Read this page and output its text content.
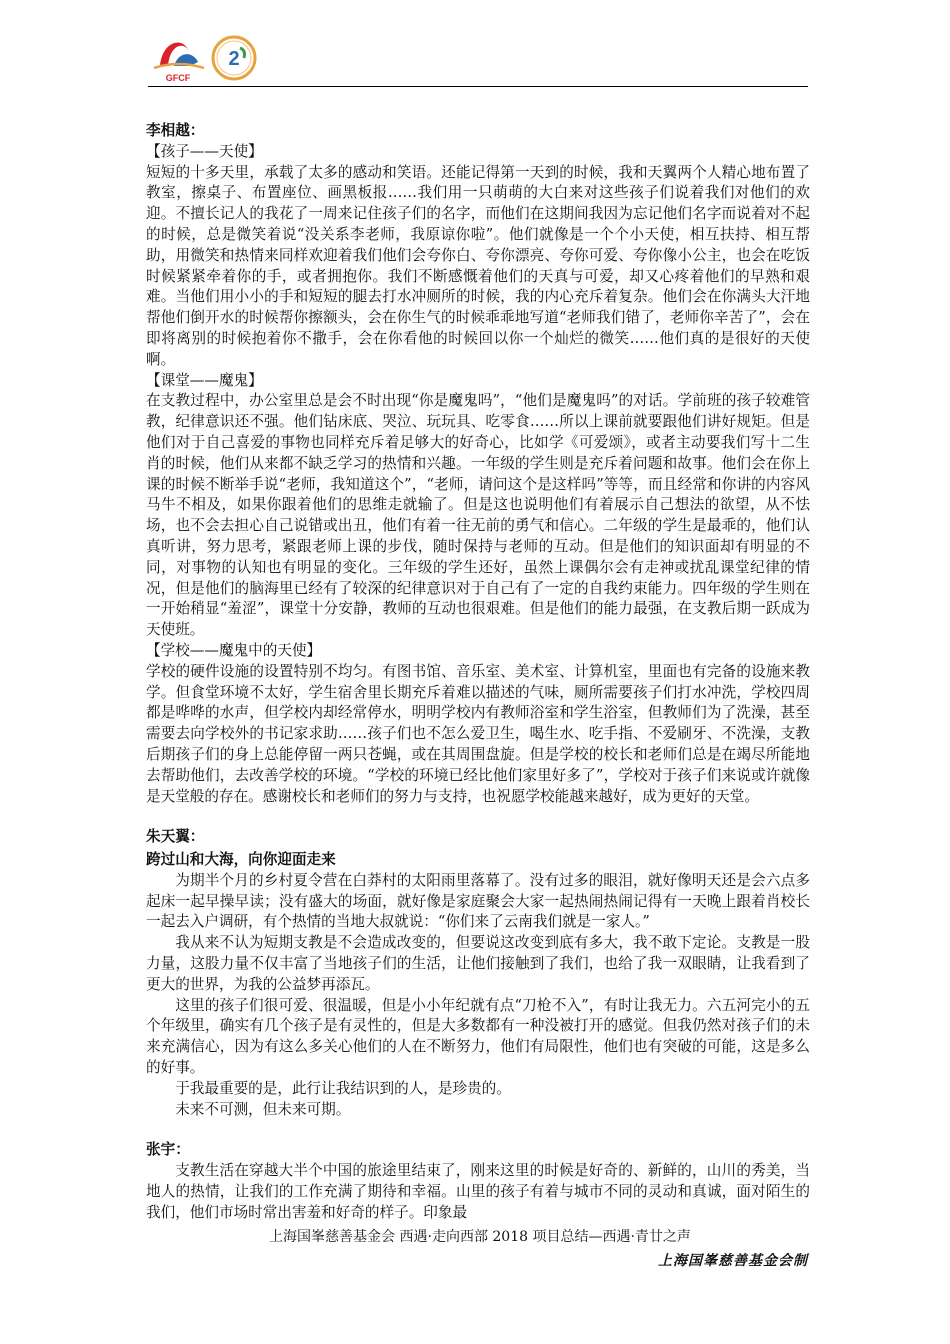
GFCF
2

李相越：

【孩子——天使】

短短的十多天里，承载了太多的感动和笑语。还能记得第一天到的时候，我和天翼两个人精心地布置了教室，擦桌子、布置座位、画黑板报……我们用一只萌萌的大白来对这些孩子们说着我们对他们的欢迎。不擅长记人的我花了一周来记住孩子们的名字，而他们在这期间我因为忘记他们名字而说着对不起的时候，总是微笑着说“没关系李老师，我原谅你啦”。他们就像是一个个小天使，相互扶持、相互帮助，用微笑和热情来同样欢迎着我们他们会夸你白、夸你漂亮、夸你可爱、夸你像小公主，也会在吃饭时候紧紧牵着你的手，或者拥抱你。我们不断感慨着他们的天真与可爱，却又心疼着他们的早熟和艰难。当他们用小小的手和短短的腿去打水冲厕所的时候，我的内心充斥着复杂。他们会在你满头大汗地帮他们倒开水的时候帮你擦额头，会在你生气的时候乖乖地写道“老师我们错了，老师你辛苦了”，会在即将离别的时候抱着你不撒手，会在你看他的时候回以你一个灿烂的微笑……他们真的是很好的天使啊。

【课堂——魔鬼】

在支教过程中，办公室里总是会不时出现“你是魔鬼吗”，“他们是魔鬼吗”的对话。学前班的孩子较难管教，纪律意识还不强。他们钻床底、哭泣、玩玩具、吃零食……所以上课前就要跟他们讲好规矩。但是他们对于自己喜爱的事物也同样充斥着足够大的好奇心，比如学《可爱颂》，或者主动要我们写十二生肖的时候，他们从来都不缺乏学习的热情和兴趣。一年级的学生则是充斥着问题和故事。他们会在你上课的时候不断举手说“老师，我知道这个”，“老师，请问这个是这样吗”等等，而且经常和你讲的内容风马牛不相及，如果你跟着他们的思维走就输了。但是这也说明他们有着展示自己想法的欲望，从不怯场，也不会去担心自己说错或出丑，他们有着一往无前的勇气和信心。二年级的学生是最乖的，他们认真听讲，努力思考，紧跟老师上课的步伐，随时保持与老师的互动。但是他们的知识面却有明显的不同，对事物的认知也有明显的变化。三年级的学生还好，虽然上课偶尔会有走神或扰乱课堂纪律的情况，但是他们的脑海里已经有了较深的纪律意识对于自己有了一定的自我约束能力。四年级的学生则在一开始稍显“羞涩”，课堂十分安静，教师的互动也很艰难。但是他们的能力最强，在支教后期一跃成为天使班。

【学校——魔鬼中的天使】

学校的硬件设施的设置特别不均匀。有图书馆、音乐室、美术室、计算机室，里面也有完备的设施来教学。但食堂环境不太好，学生宿舍里长期充斥着难以描述的气味，厕所需要孩子们打水冲洗，学校四周都是哗哗的水声，但学校内却经常停水，明明学校内有教师浴室和学生浴室，但教师们为了洗澡，甚至需要去向学校外的书记家求助……孩子们也不怎么爱卫生，喝生水、吃手指、不爱刷牙、不洗澡，支教后期孩子们的身上总能停留一两只苍蝇，或在其周围盘旋。但是学校的校长和老师们总是在竭尽所能地去帮助他们，去改善学校的环境。“学校的环境已经比他们家里好多了”，学校对于孩子们来说或许就像是天堂般的存在。感谢校长和老师们的努力与支持，也祝愿学校能越来越好，成为更好的天堂。

朱天翼：

跨过山和大海，向你迎面走来

为期半个月的乡村夏令营在白莽村的太阳雨里落幕了。没有过多的眼泪，就好像明天还是会六点多起床一起早操早读；没有盛大的场面，就好像是家庭聚会大家一起热闹热闹记得有一天晚上跟着肖校长一起去入户调研，有个热情的当地大叔就说：“你们来了云南我们就是一家人。”

我从来不认为短期支教是不会造成改变的，但要说这改变到底有多大，我不敢下定论。支教是一股力量，这股力量不仅丰富了当地孩子们的生活，让他们接触到了我们，也给了我一双眼睛，让我看到了更大的世界，为我的公益梦再添瓦。

这里的孩子们很可爱、很温暖，但是小小年纪就有点“刀枪不入”，有时让我无力。六五河完小的五个年级里，确实有几个孩子是有灵性的，但是大多数都有一种没被打开的感觉。但我仍然对孩子们的未来充满信心，因为有这么多关心他们的人在不断努力，他们有局限性，他们也有突破的可能，这是多么的好事。

于我最重要的是，此行让我结识到的人，是珍贵的。

未来不可测，但未来可期。

张宇：

支教生活在穿越大半个中国的旅途里结束了，刚来这里的时候是好奇的、新鲜的，山川的秀美，当地人的热情，让我们的工作充满了期待和幸福。山里的孩子有着与城市不同的灵动和真诚，面对陌生的我们，他们市场时常出害羞和好奇的样子。印象最

上海国峯慈善基金会 西遇·走向西部 2018 项目总结—西遇·青廿之声
上海国峯慈善基金会制
